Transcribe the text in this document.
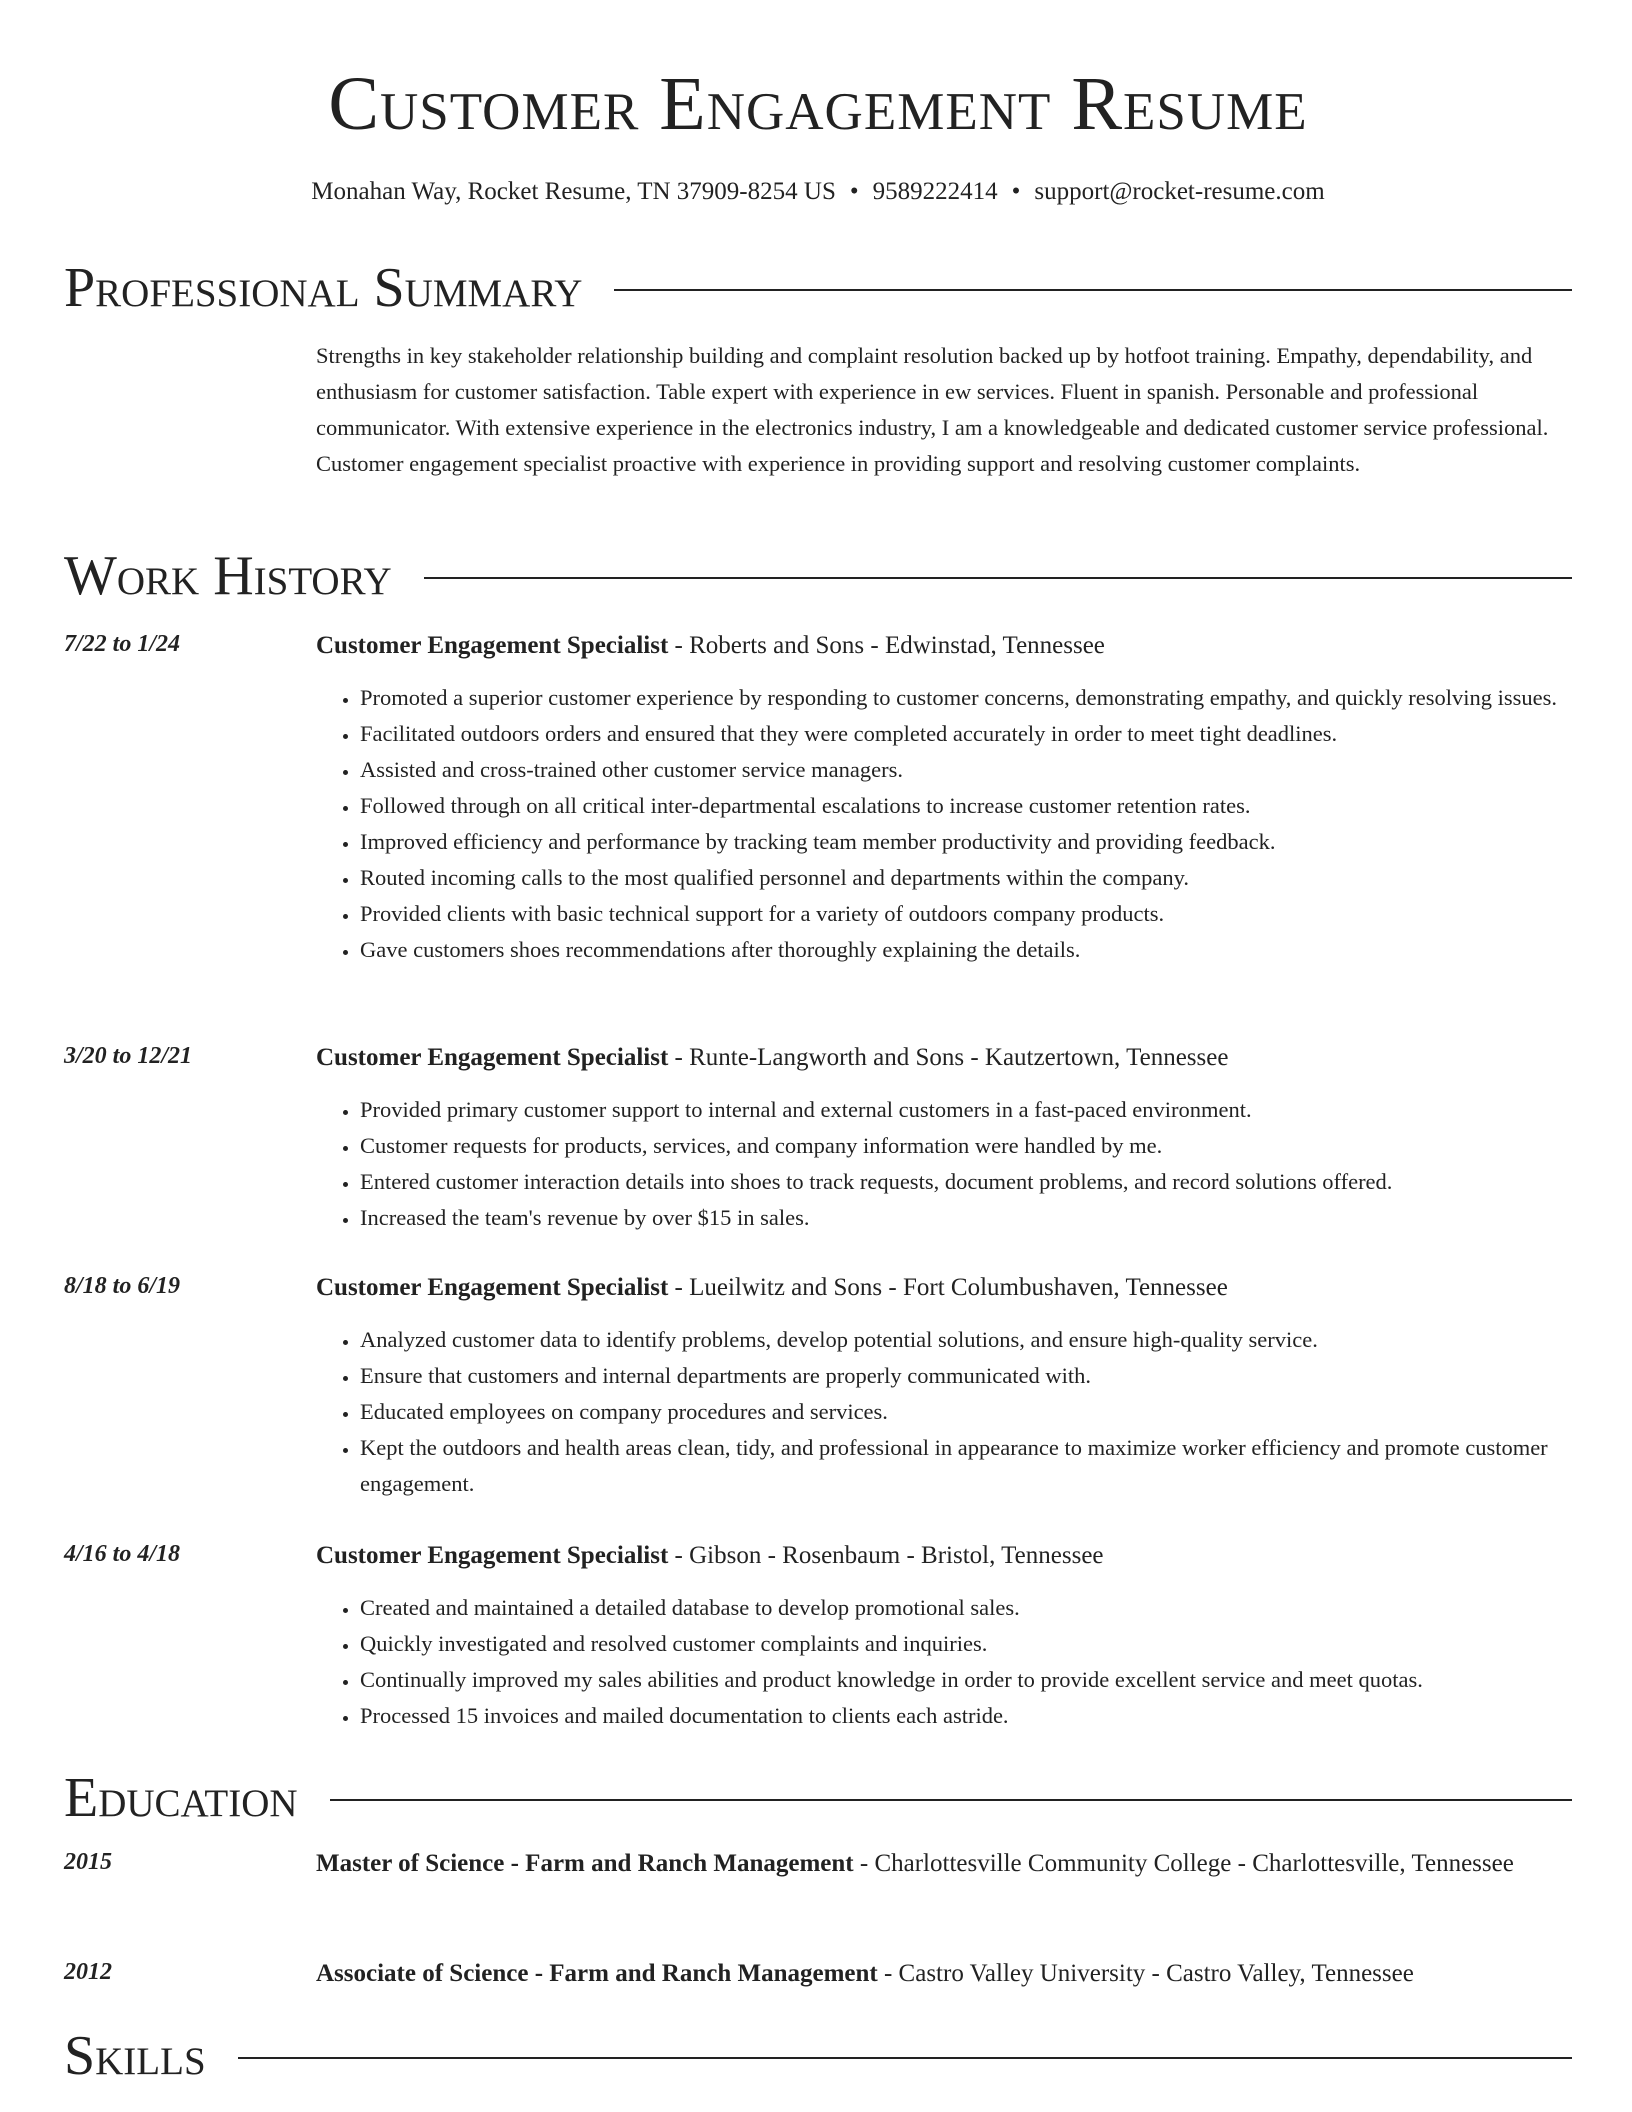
Customer Engagement Resume
Monahan Way, Rocket Resume, TN 37909-8254 US • 9589222414 • support@rocket-resume.com
Professional Summary

Strengths in key stakeholder relationship building and complaint resolution backed up by hotfoot training. Empathy, dependability, and enthusiasm for customer satisfaction. Table expert with experience in ew services. Fluent in spanish. Personable and professional communicator. With extensive experience in the electronics industry, I am a knowledgeable and dedicated customer service professional. Customer engagement specialist proactive with experience in providing support and resolving customer complaints.

Work History
7/22 to 1/24	Customer Engagement Specialist - Roberts and Sons - Edwinstad, Tennessee
• Promoted a superior customer experience by responding to customer concerns, demonstrating empathy, and quickly resolving issues.
• Facilitated outdoors orders and ensured that they were completed accurately in order to meet tight deadlines.
• Assisted and cross-trained other customer service managers.
• Followed through on all critical inter-departmental escalations to increase customer retention rates.
• Improved efficiency and performance by tracking team member productivity and providing feedback.
• Routed incoming calls to the most qualified personnel and departments within the company.
• Provided clients with basic technical support for a variety of outdoors company products.
• Gave customers shoes recommendations after thoroughly explaining the details.
3/20 to 12/21	Customer Engagement Specialist - Runte-Langworth and Sons - Kautzertown, Tennessee
• Provided primary customer support to internal and external customers in a fast-paced environment.
• Customer requests for products, services, and company information were handled by me.
• Entered customer interaction details into shoes to track requests, document problems, and record solutions offered.
• Increased the team's revenue by over $15 in sales.
8/18 to 6/19	Customer Engagement Specialist - Lueilwitz and Sons - Fort Columbushaven, Tennessee
• Analyzed customer data to identify problems, develop potential solutions, and ensure high-quality service.
• Ensure that customers and internal departments are properly communicated with.
• Educated employees on company procedures and services.
• Kept the outdoors and health areas clean, tidy, and professional in appearance to maximize worker efficiency and promote customer engagement.
4/16 to 4/18	Customer Engagement Specialist - Gibson - Rosenbaum - Bristol, Tennessee
• Created and maintained a detailed database to develop promotional sales.
• Quickly investigated and resolved customer complaints and inquiries.
• Continually improved my sales abilities and product knowledge in order to provide excellent service and meet quotas.
• Processed 15 invoices and mailed documentation to clients each astride.
Education
2015	Master of Science - Farm and Ranch Management - Charlottesville Community College - Charlottesville, Tennessee
2012	Associate of Science - Farm and Ranch Management - Castro Valley University - Castro Valley, Tennessee
Skills
